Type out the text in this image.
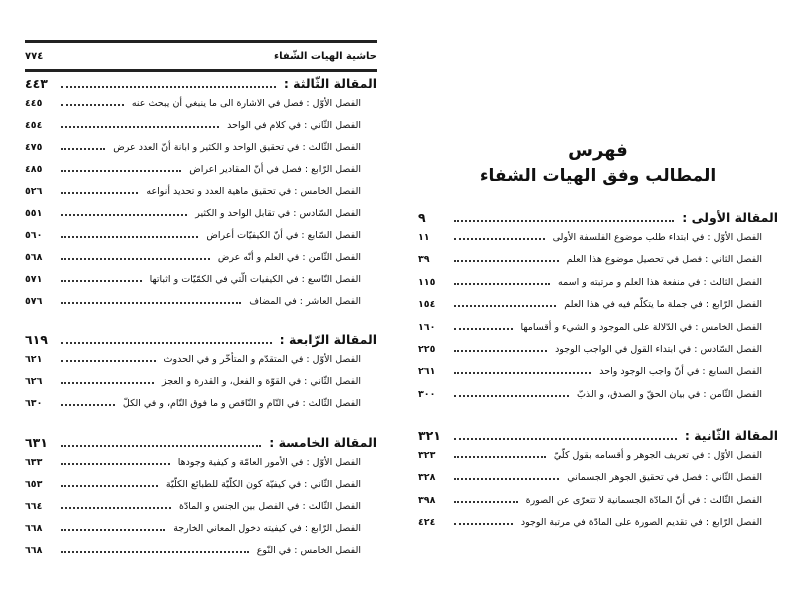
حاشية الهيات الشّفاء
٧٧٤
المقالة الثّالثة :
٤٤٣
الفصل الأوّل : فصل في الاشارة الى ما ينبغي أن يبحث عنه
٤٤٥
الفصل الثّاني : في كلام في الواحد
٤٥٤
الفصل الثّالث : في تحقيق الواحد و الكثير و ابانة أنّ العدد عرض
٤٧٥
الفصل الرّابع : فصل في أنّ المقادير اعراض
٤٨٥
الفصل الخامس : في تحقيق ماهية العدد و تحديد أنواعه
٥٢٦
الفصل السّادس : في تقابل الواحد و الكثير
٥٥١
الفصل السّابع : في أنّ الكيفيّات أعراض
٥٦٠
الفصل الثّامن : في العلم و أنّه عرض
٥٦٨
الفصل التّاسع : في الكيفيات الّتي في الكمّيّات و اثباتها
٥٧١
الفصل العاشر : في المضاف
٥٧٦
المقالة الرّابعة :
٦١٩
الفصل الأوّل : في المتقدّم و المتأخّر و في الحدوث
٦٢١
الفصل الثّاني : في القوّة و الفعل، و القدرة و العجز
٦٢٦
الفصل الثّالث : في التّام و النّاقص و ما فوق التّام، و في الكلّ
٦٣٠
المقالة الخامسة :
٦٣١
الفصل الأوّل : في الأمور العامّة و كيفية وجودها
٦٣٣
الفصل الثّاني : في كيفيّة كون الكلّيّة للطبائع الكلّيّة
٦٥٣
الفصل الثّالث : في الفصل بين الجنس و المادّة
٦٦٤
الفصل الرّابع : في كيفيته دخول المعاني الخارجة
٦٦٨
الفصل الخامس : في النّوع
٦٦٨
فهرس
المطالب وفق الهيات الشفاء
المقالة الأولى :
٩
الفصل الأوّل : في ابتداء طلب موضوع الفلسفة الأولى
١١
الفصل الثاني : فصل في تحصيل موضوع هذا العلم
٣٩
الفصل الثالث : في منفعة هذا العلم و مرتبته و اسمه
١١٥
الفصل الرّابع : في جملة ما يتكلّم فيه في هذا العلم
١٥٤
الفصل الخامس : في الدّلالة على الموجود و الشيء و أقسامها
١٦٠
الفصل السّادس : في ابتداء القول في الواجب الوجود
٢٢٥
الفصل السابع : في أنّ واجب الوجود واحد
٢٦١
الفصل الثّامن : في بيان الحقّ و الصدق، و الذبّ
٣٠٠
المقالة الثّانية :
٣٢١
الفصل الأوّل : في تعريف الجوهر و أقسامه بقول كلّيّ
٣٢٣
الفصل الثّاني : فصل في تحقيق الجوهر الجسماني
٣٢٨
الفصل الثّالث : في أنّ المادّة الجسمانية لا تتعرّى عن الصورة
٣٩٨
الفصل الرّابع : في تقديم الصورة على المادّة في مرتبة الوجود
٤٢٤
